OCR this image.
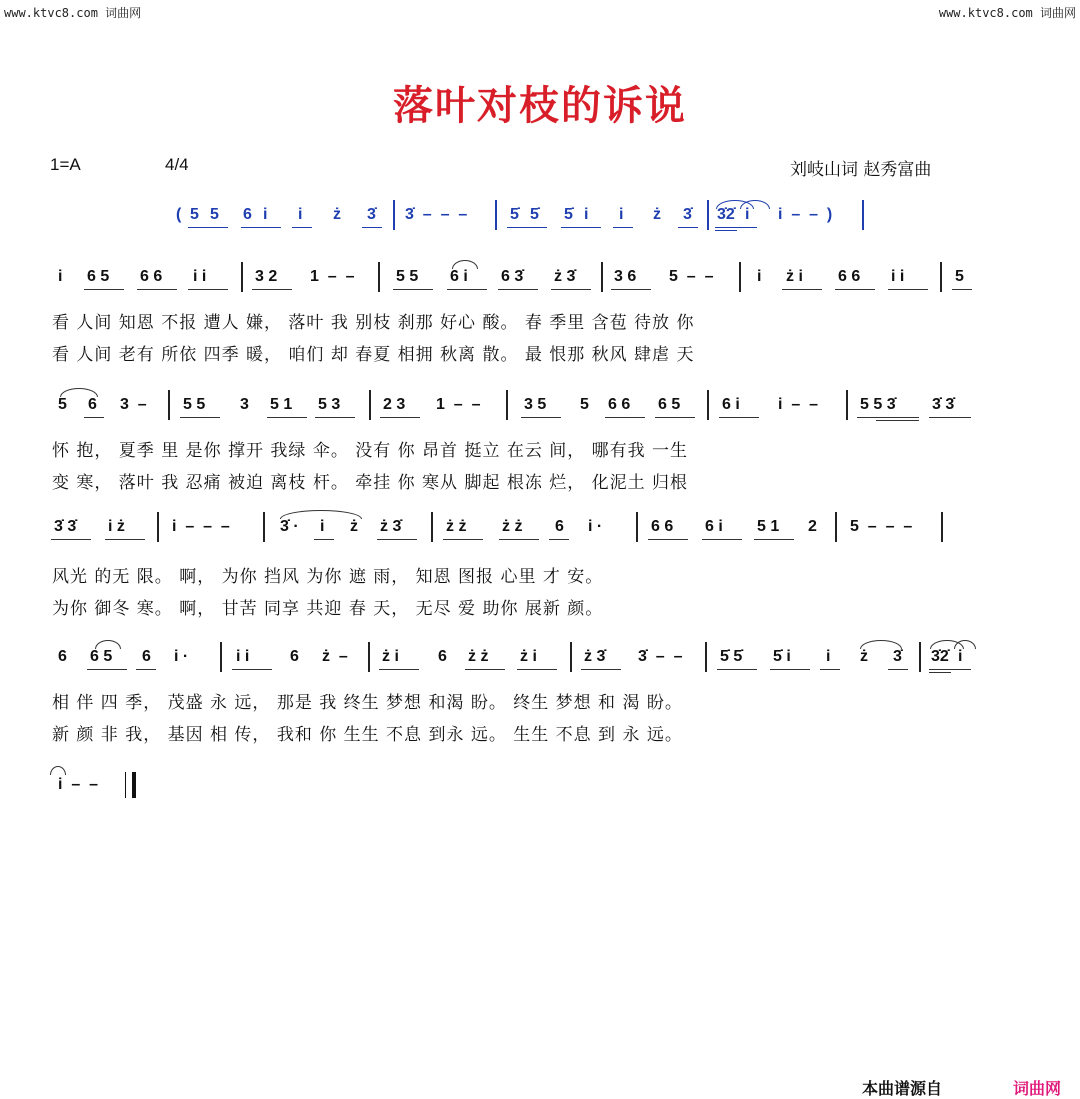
www.ktvc8.com 词曲网	www.ktvc8.com 词曲网
落叶对枝的诉说
1=A	4/4	刘岐山词 赵秀富曲
( 5 5 6 i i ż 3̇ 3̇  –  –  –	5̇ 5̇ 5̇ i i ż 3̇ 3̇2̇ i i  –  –  )
i 6 5 6 6 i i	3 2 1  –  –	5 5 6 i 6 3̇ ż 3̇ 3 6 5  –  –	i ż i 6 6 i i	5
看 人间 知恩 不报 遭人 嫌， 落叶 我 别枝 刹那 好心 酸。 春 季里 含苞 待放 你
看 人间 老有 所依 四季 暖， 咱们 却 春夏 相拥 秋离 散。 最 恨那 秋风 肆虐 天
5 6 3  – 5 5 3 5 1 5 3	2 3 1  –  –	3 5 5 6 6 6 5	6 i i  –  –	5 5 3̇ 3̇ 3̇
怀 抱， 夏季 里 是你 撑开 我绿 伞。 没有 你 昂首 挺立 在云 间， 哪有我 一生
变 寒， 落叶 我 忍痛 被迫 离枝 杆。 牵挂 你 寒从 脚起 根冻 烂， 化泥土 归根
3̇ 3̇ i ż	i  –  –  –	3̇ · i ż ż 3̇	ż ż ż ż 6 i ·	6 6 6 i 5 1 2 5  –  –  –
风光 的无 限。 啊， 为你 挡风 为你 遮 雨， 知恩 图报 心里 才 安。
为你 御冬 寒。 啊， 甘苦 同享 共迎 春 天， 无尽 爱 助你 展新 颜。
6 6 5 6 i ·	i i	6 ż  – ż i 6 ż ż ż i	ż 3̇ 3̇  –  – 5̇ 5̇ 5̇ i i ż 3̇ 3̇2̇ i
相 伴 四 季， 茂盛 永 远， 那是 我 终生 梦想 和渴 盼。 终生 梦想 和 渴 盼。
新 颜 非 我， 基因 相 传， 我和 你 生生 不息 到永 远。 生生 不息 到 永 远。
i  –  –
本曲谱源自	词曲网
